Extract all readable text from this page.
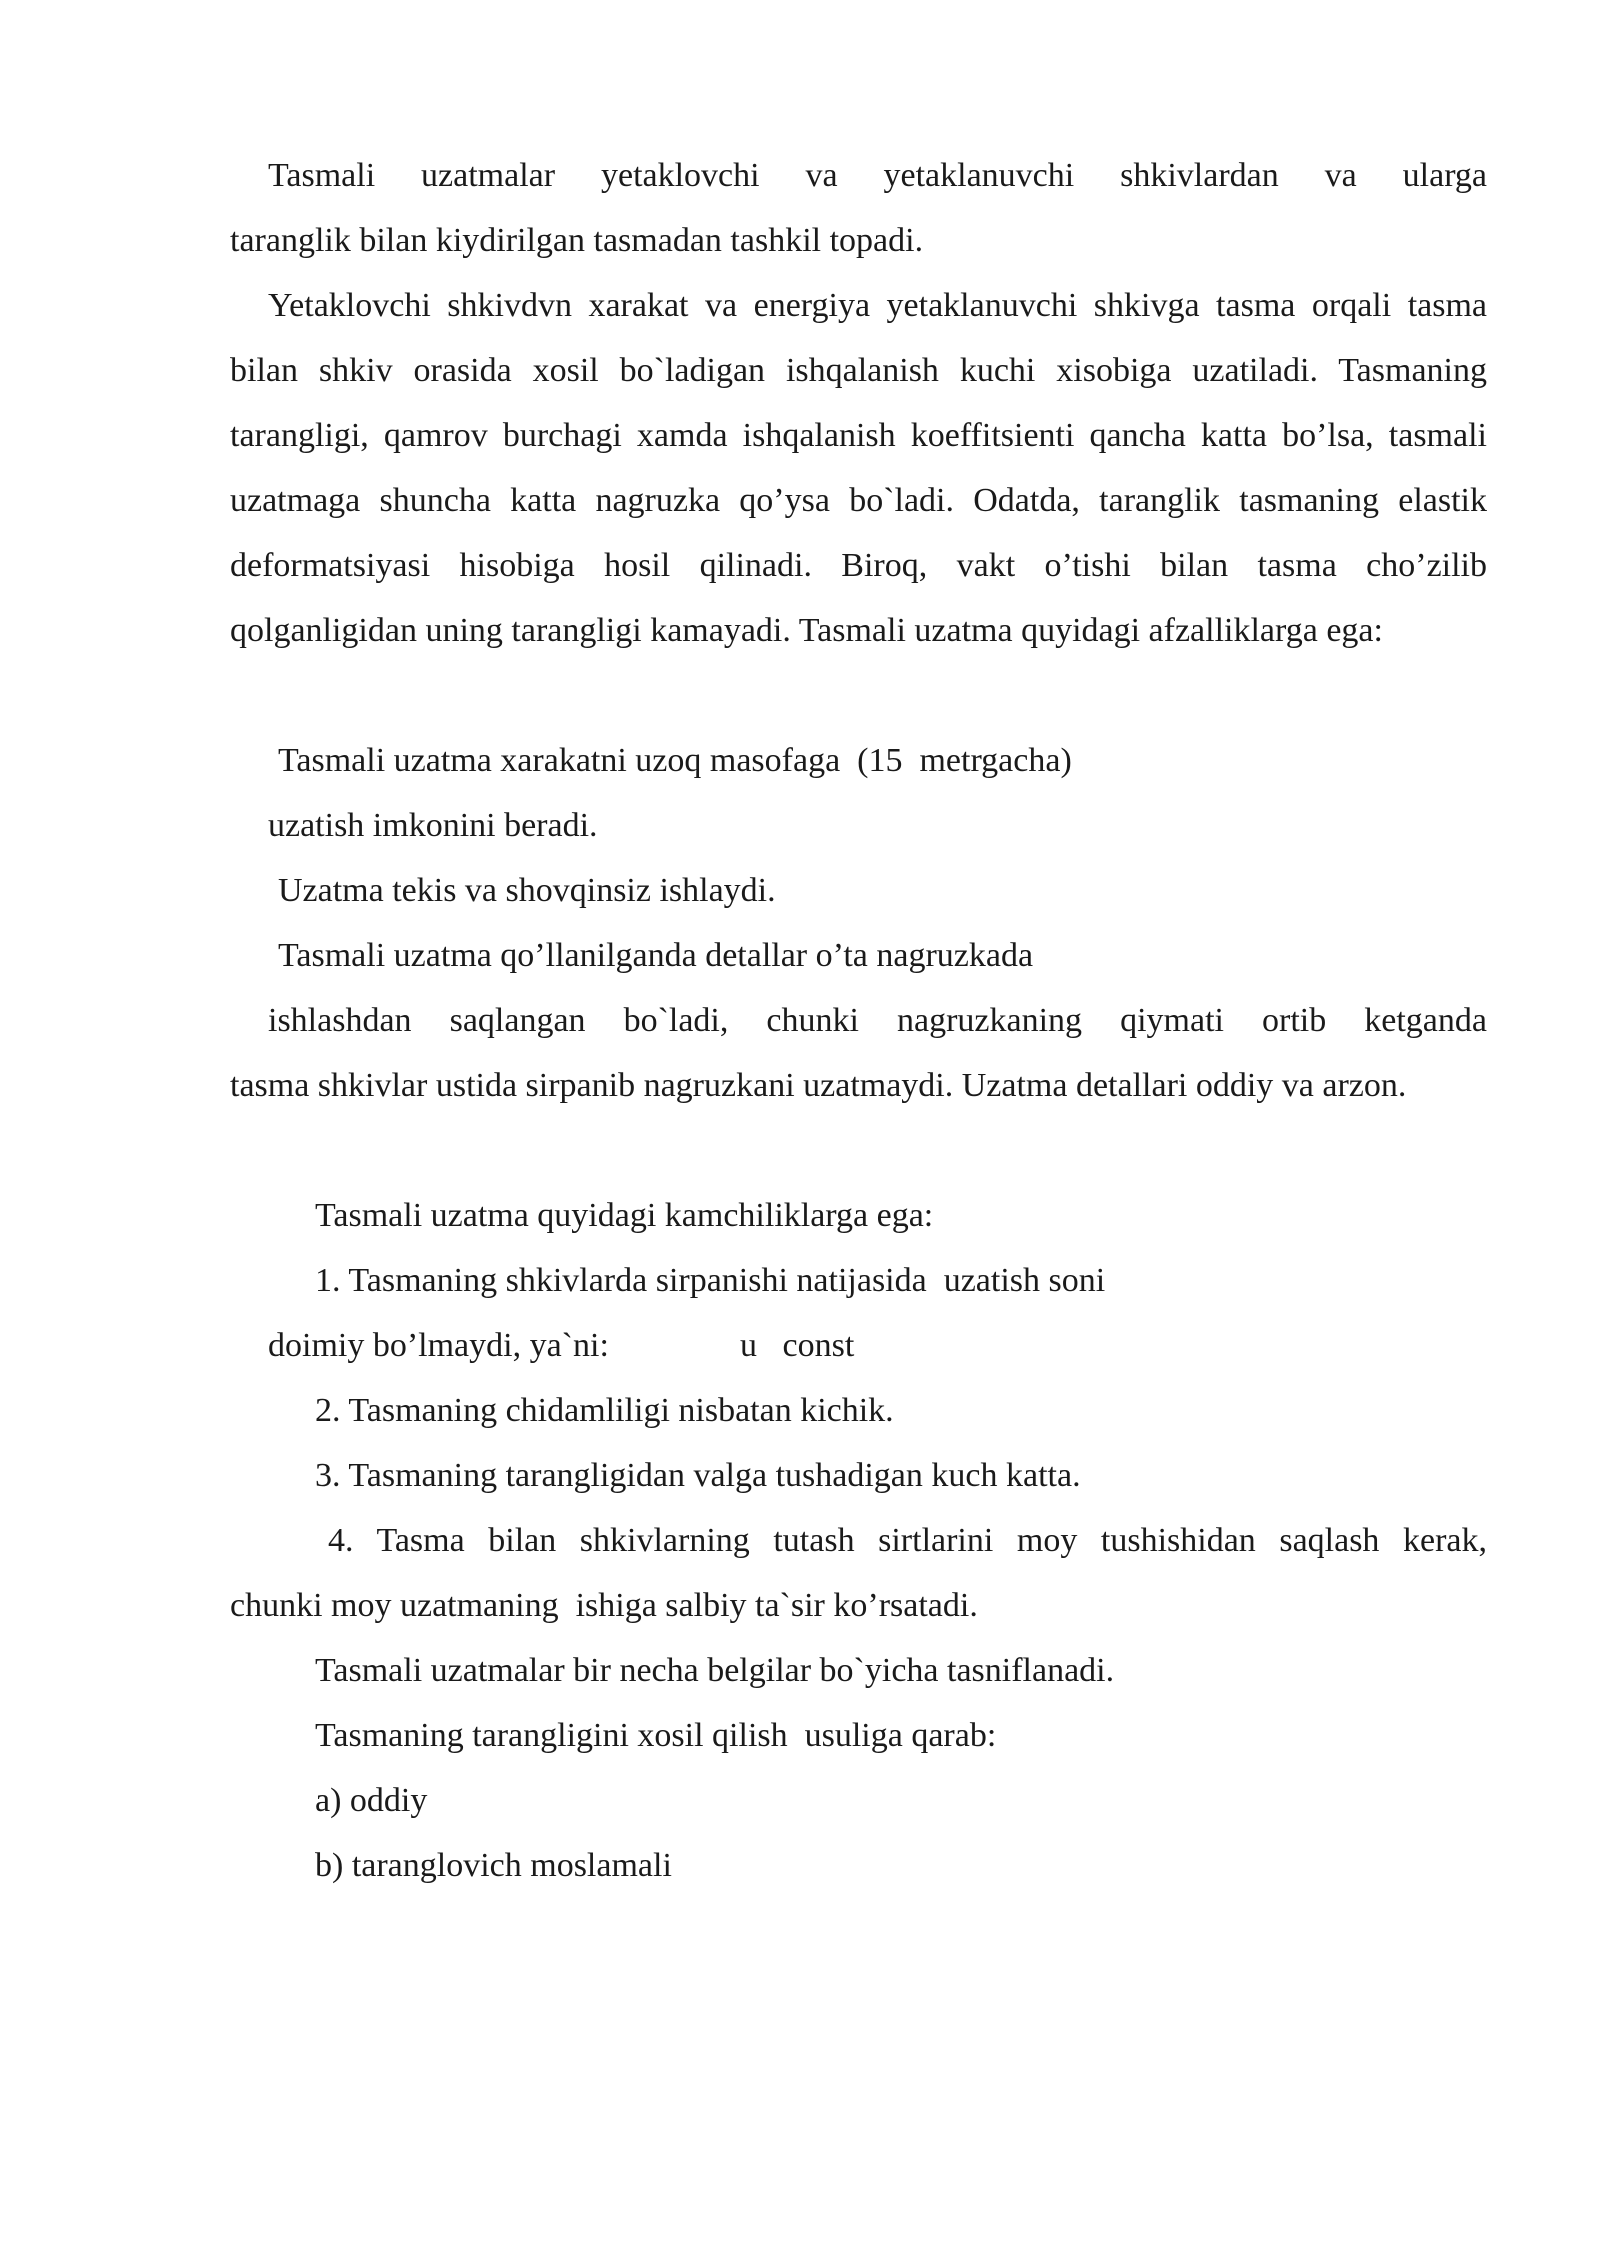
Tasmali uzatmalar yetaklovchi va yetaklanuvchi shkivlardan va ularga

taranglik bilan kiydirilgan tasmadan tashkil topadi.

Yetaklovchi shkivdvn xarakat va energiya yetaklanuvchi shkivga tasma orqali tasma bilan shkiv orasida xosil bo`ladigan ishqalanish kuchi xisobiga uzatiladi. Tasmaning tarangligi, qamrov burchagi xamda ishqalanish koeffitsienti qancha katta bo’lsa, tasmali uzatmaga shuncha katta nagruzka qo’ysa bo`ladi. Odatda, taranglik tasmaning elastik deformatsiyasi hisobiga hosil qilinadi. Biroq, vakt o’tishi bilan tasma cho’zilib qolganligidan uning tarangligi kamayadi. Tasmali uzatma quyidagi afzalliklarga ega:

Tasmali uzatma xarakatni uzoq masofaga  (15  metrgacha)

uzatish imkonini beradi.

Uzatma tekis va shovqinsiz ishlaydi.

Tasmali uzatma qo’llanilganda detallar o’ta nagruzkada

ishlashdan saqlangan bo`ladi, chunki nagruzkaning qiymati ortib ketganda

tasma shkivlar ustida sirpanib nagruzkani uzatmaydi. Uzatma detallari oddiy va arzon.

Tasmali uzatma quyidagi kamchiliklarga ega:

1. Tasmaning shkivlarda sirpanishi natijasida  uzatish soni

doimiy bo’lmaydi, ya`ni:	u   const

2. Tasmaning chidamliligi nisbatan kichik.

3. Tasmaning tarangligidan valga tushadigan kuch katta.

4. Tasma bilan shkivlarning tutash sirtlarini moy tushishidan saqlash kerak,

chunki moy uzatmaning  ishiga salbiy ta`sir ko’rsatadi.

Tasmali uzatmalar bir necha belgilar bo`yicha tasniflanadi.

Tasmaning tarangligini xosil qilish  usuliga qarab:

a) oddiy

b) taranglovich moslamali
